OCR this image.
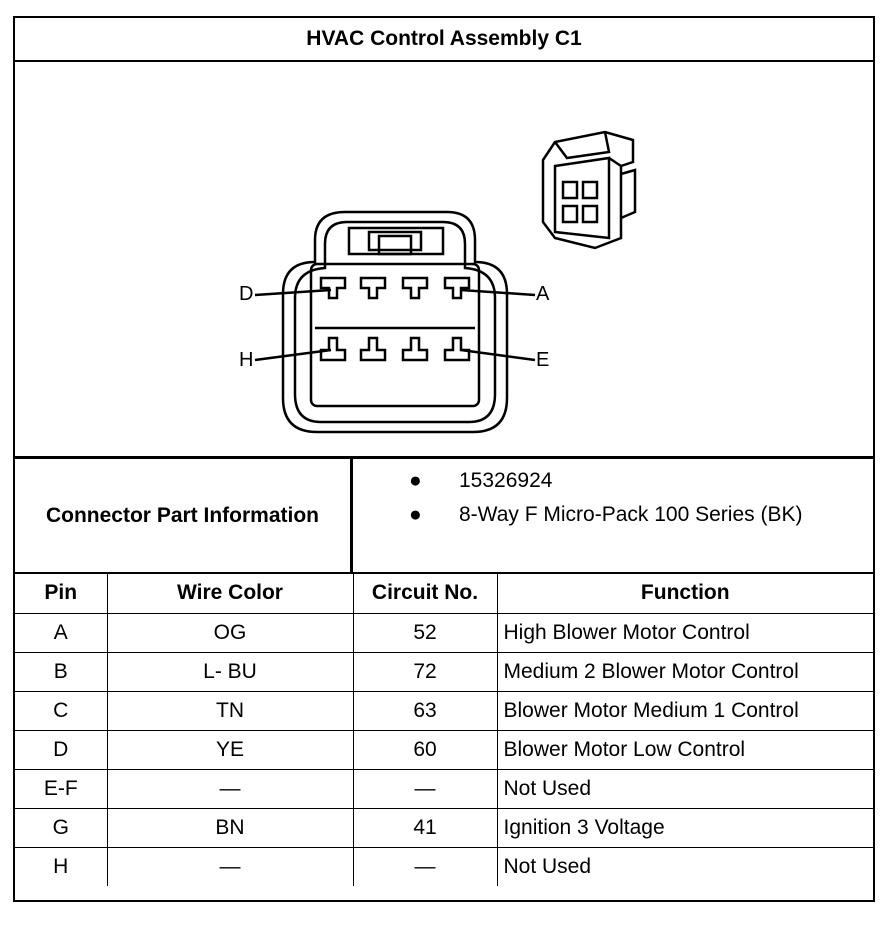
HVAC Control Assembly C1
D	A
H	E
Connector Part Information
●	15326924
●	8-Way F Micro-Pack 100 Series (BK)
Pin	Wire Color	Circuit No.	Function
A	OG	52	High Blower Motor Control
B	L- BU	72	Medium 2 Blower Motor Control
C	TN	63	Blower Motor Medium 1 Control
D	YE	60	Blower Motor Low Control
E-F	—	—	Not Used
G	BN	41	Ignition 3 Voltage
H	—	—	Not Used
